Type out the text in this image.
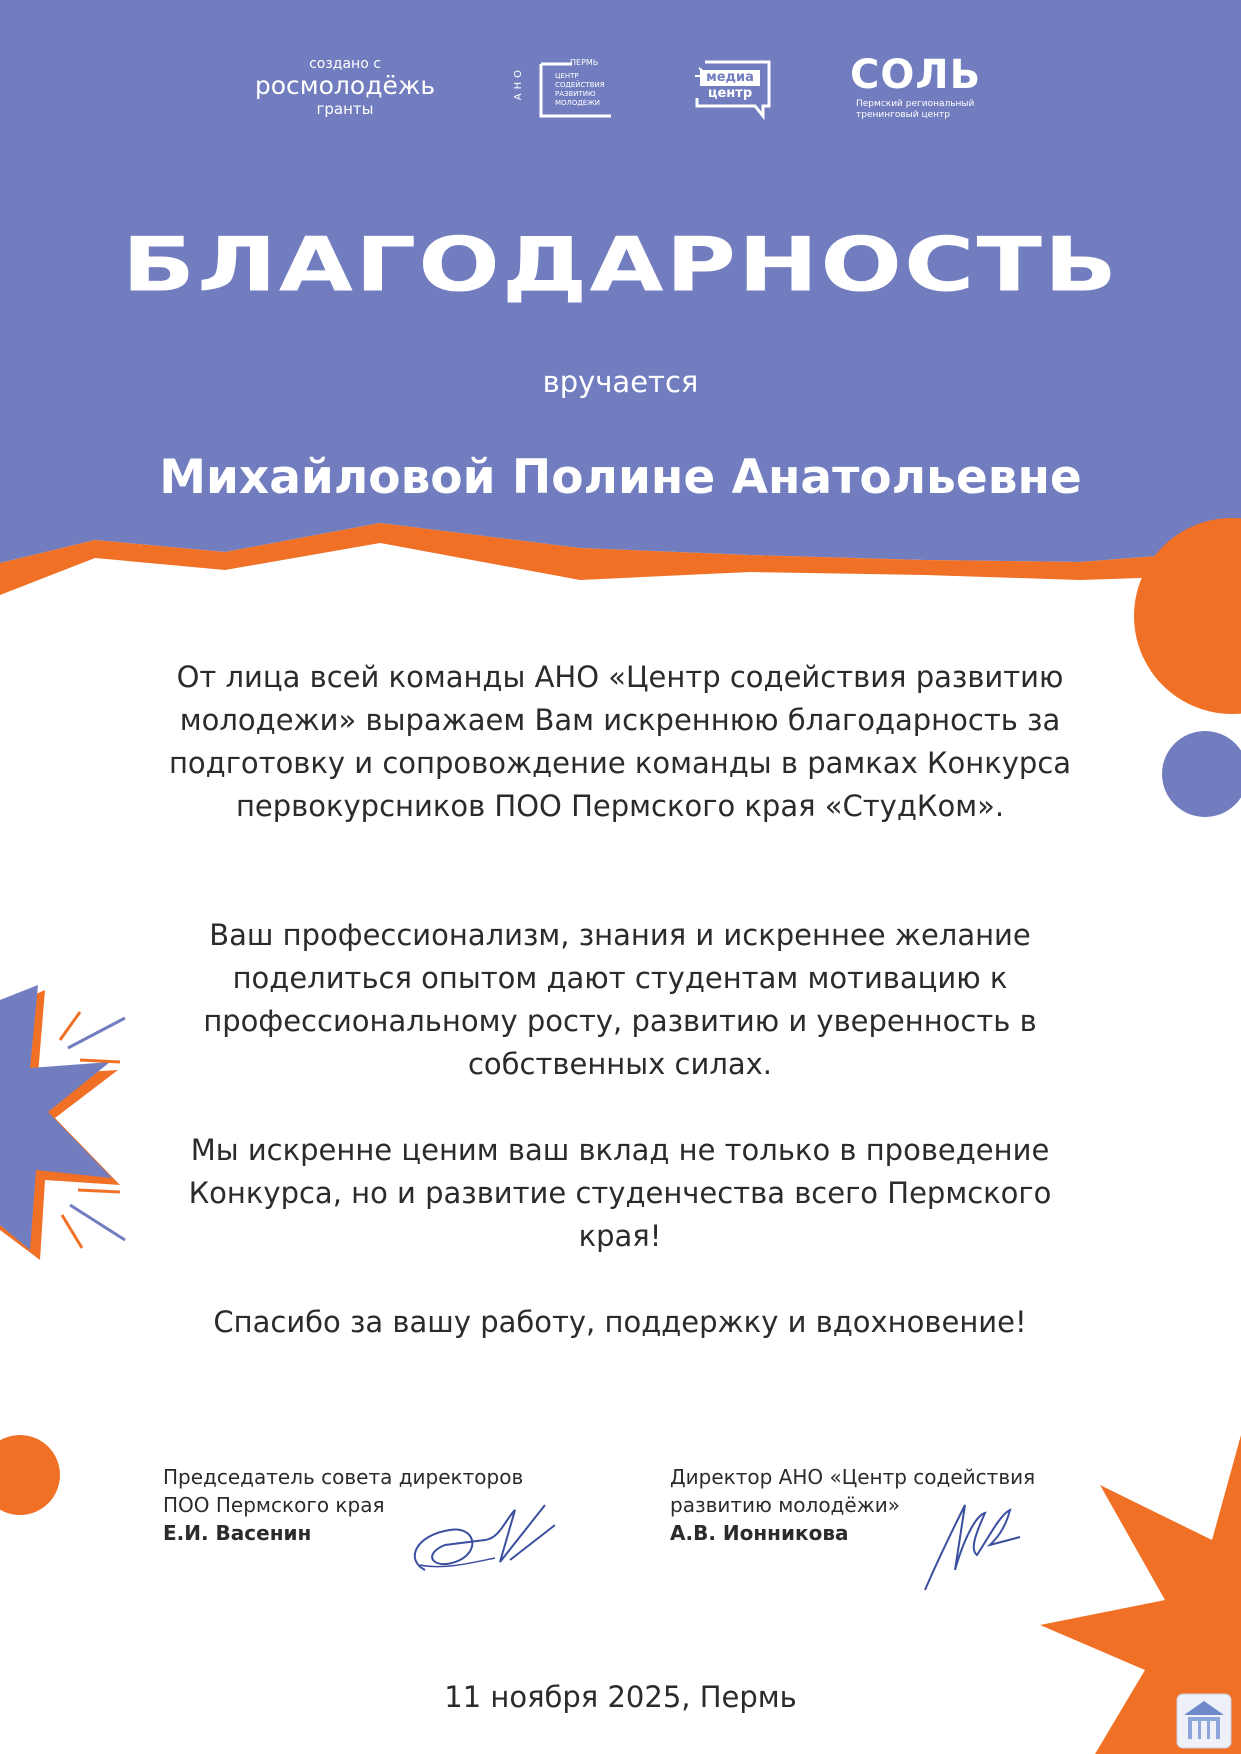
создано с
росмолодёжь
гранты
АНО
ПЕРМЬ
ЦЕНТР
СОДЕЙСТВИЯ
РАЗВИТИЮ
МОЛОДЕЖИ
медиа
центр СОЛЬ
Пермский региональный
тренинговый центр
БЛАГОДАРНОСТЬ
вручается
Михайловой Полине Анатольевне

От лица всей команды АНО «Центр содействия развитию молодежи» выражаем Вам искреннюю благодарность за подготовку и сопровождение команды в рамках Конкурса первокурсников ПОО Пермского края «СтудКом».

Ваш профессионализм, знания и искреннее желание поделиться опытом дают студентам мотивацию к профессиональному росту, развитию и уверенность в собственных силах.

Мы искренне ценим ваш вклад не только в проведение Конкурса, но и развитие студенчества всего Пермского края!

Спасибо за вашу работу, поддержку и вдохновение!

Председатель совета директоров
ПОО Пермского края
Е.И. Васенин
Директор АНО «Центр содействия
развитию молодёжи»
А.В. Ионникова
11 ноября 2025, Пермь
